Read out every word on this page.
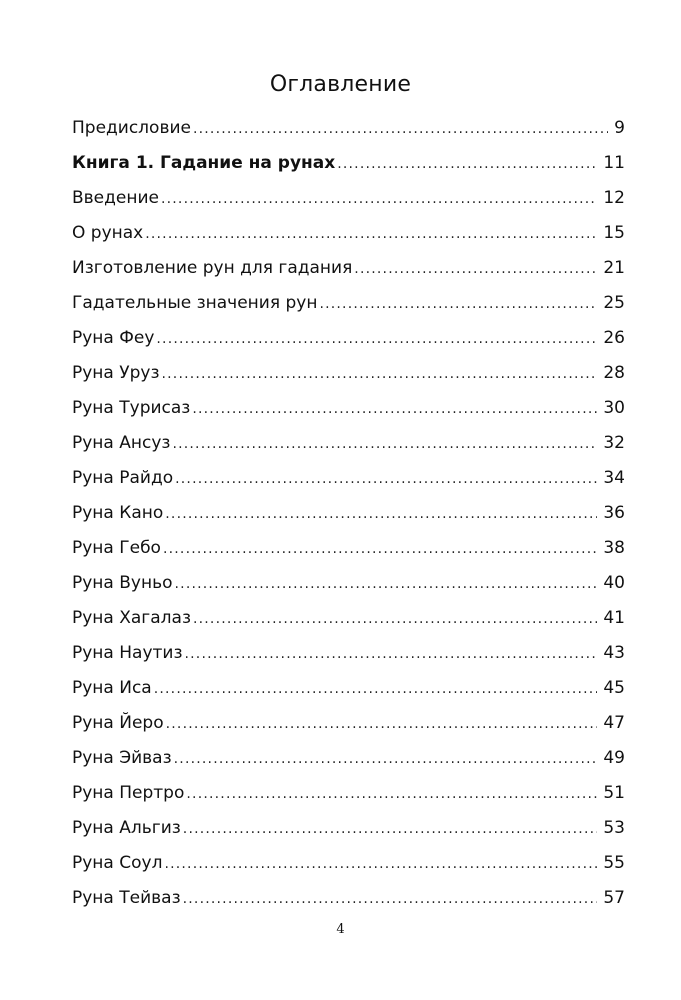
Оглавление
Предисловие .....	9
Книга 1. Гадание на рунах .....	11
Введение .....	12
О рунах .....	15
Изготовление рун для гадания .....	21
Гадательные значения рун .....	25
Руна Феу .....	26
Руна Уруз .....	28
Руна Турисаз .....	30
Руна Ансуз .....	32
Руна Райдо .....	34
Руна Кано .....	36
Руна Гебо .....	38
Руна Вуньо .....	40
Руна Хагалаз .....	41
Руна Наутиз .....	43
Руна Иса .....	45
Руна Йеро .....	47
Руна Эйваз .....	49
Руна Пертро .....	51
Руна Альгиз .....	53
Руна Соул .....	55
Руна Тейваз .....	57
4
